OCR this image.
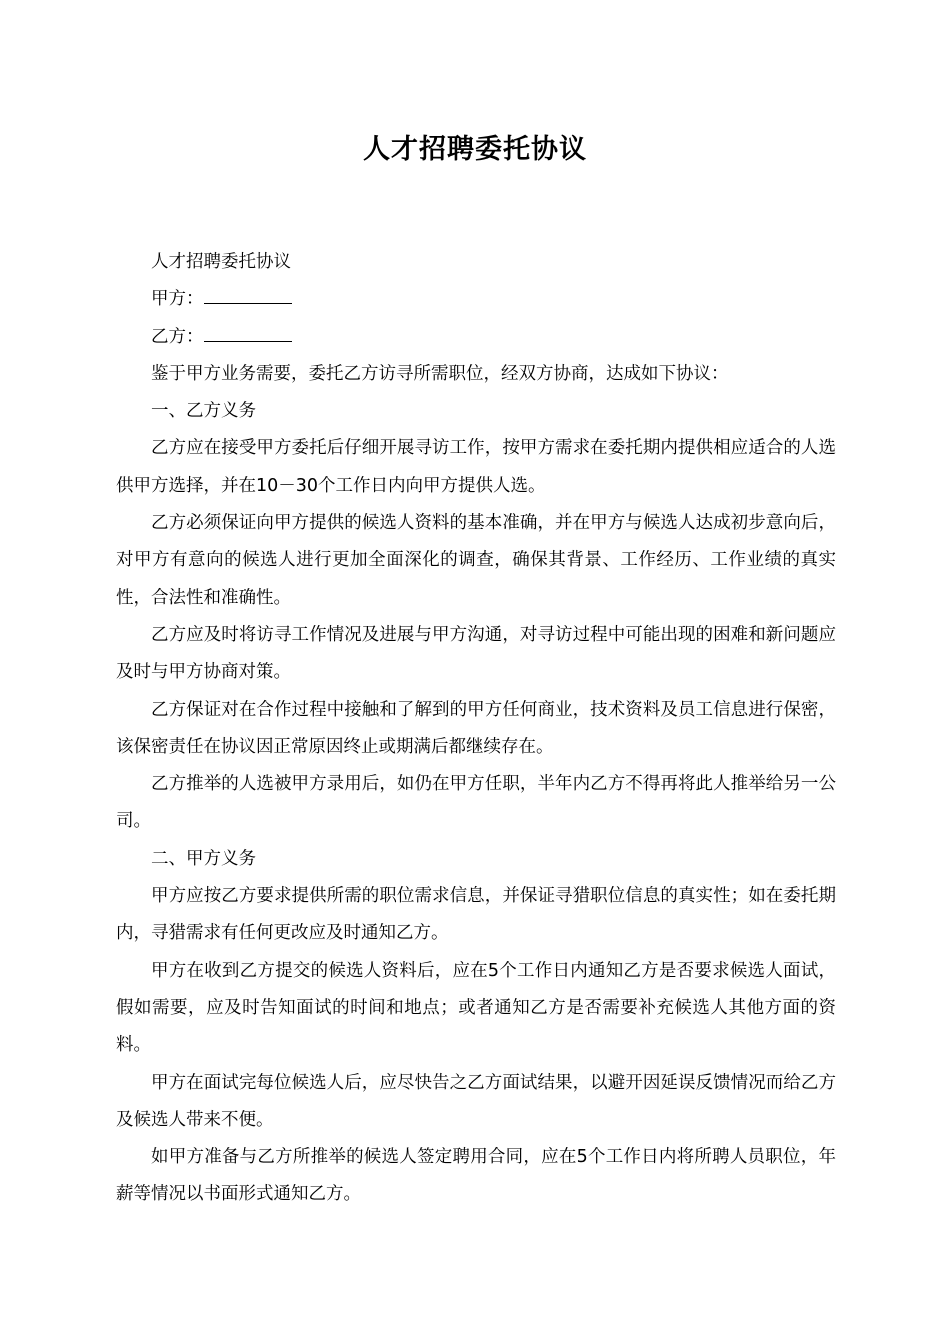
人才招聘委托协议

人才招聘委托协议

甲方：

乙方：

鉴于甲方业务需要，委托乙方访寻所需职位，经双方协商，达成如下协议：

一、乙方义务

乙方应在接受甲方委托后仔细开展寻访工作，按甲方需求在委托期内提供相应适合的人选供甲方选择，并在10－30个工作日内向甲方提供人选。

乙方必须保证向甲方提供的候选人资料的基本准确，并在甲方与候选人达成初步意向后，对甲方有意向的候选人进行更加全面深化的调查，确保其背景、工作经历、工作业绩的真实性，合法性和准确性。

乙方应及时将访寻工作情况及进展与甲方沟通，对寻访过程中可能出现的困难和新问题应及时与甲方协商对策。

乙方保证对在合作过程中接触和了解到的甲方任何商业，技术资料及员工信息进行保密，该保密责任在协议因正常原因终止或期满后都继续存在。

乙方推举的人选被甲方录用后，如仍在甲方任职，半年内乙方不得再将此人推举给另一公司。

二、甲方义务

甲方应按乙方要求提供所需的职位需求信息，并保证寻猎职位信息的真实性；如在委托期内，寻猎需求有任何更改应及时通知乙方。

甲方在收到乙方提交的候选人资料后，应在5个工作日内通知乙方是否要求候选人面试，假如需要，应及时告知面试的时间和地点；或者通知乙方是否需要补充候选人其他方面的资料。

甲方在面试完每位候选人后，应尽快告之乙方面试结果，以避开因延误反馈情况而给乙方及候选人带来不便。

如甲方准备与乙方所推举的候选人签定聘用合同，应在5个工作日内将所聘人员职位，年薪等情况以书面形式通知乙方。
